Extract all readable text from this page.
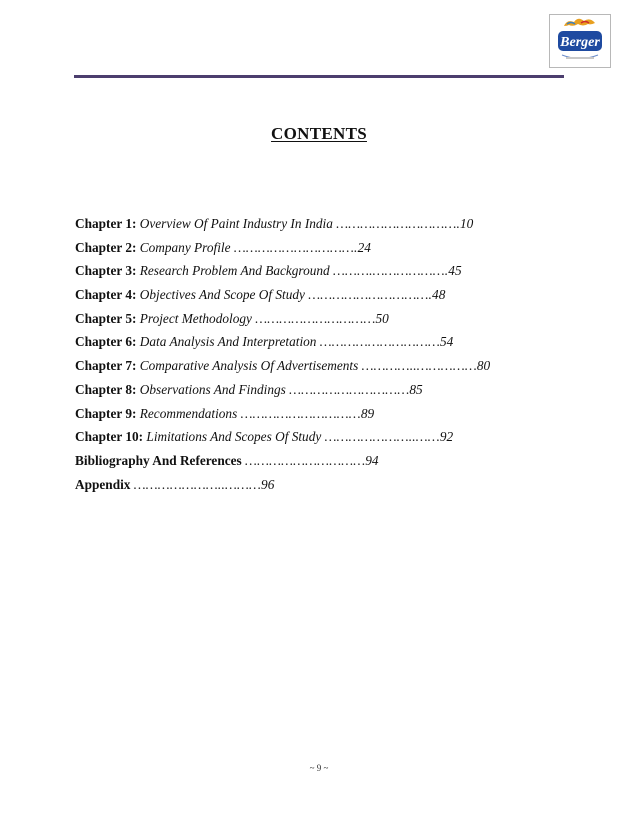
Berger
CONTENTS
Chapter 1: Overview Of Paint Industry In India ………………………….10
Chapter 2: Company Profile ………………………….24
Chapter 3: Research Problem And Background ……….……………….45
Chapter 4: Objectives And Scope Of Study ………………………….48
Chapter 5: Project Methodology …………………………50
Chapter 6: Data Analysis And Interpretation …………………………54
Chapter 7: Comparative Analysis Of Advertisements …………..……………80
Chapter 8: Observations And Findings …………………………85
Chapter 9: Recommendations …………………………89
Chapter 10: Limitations And Scopes Of Study …………………..……92
Bibliography And References …………………………94
Appendix …………………..………96
~ 9 ~
